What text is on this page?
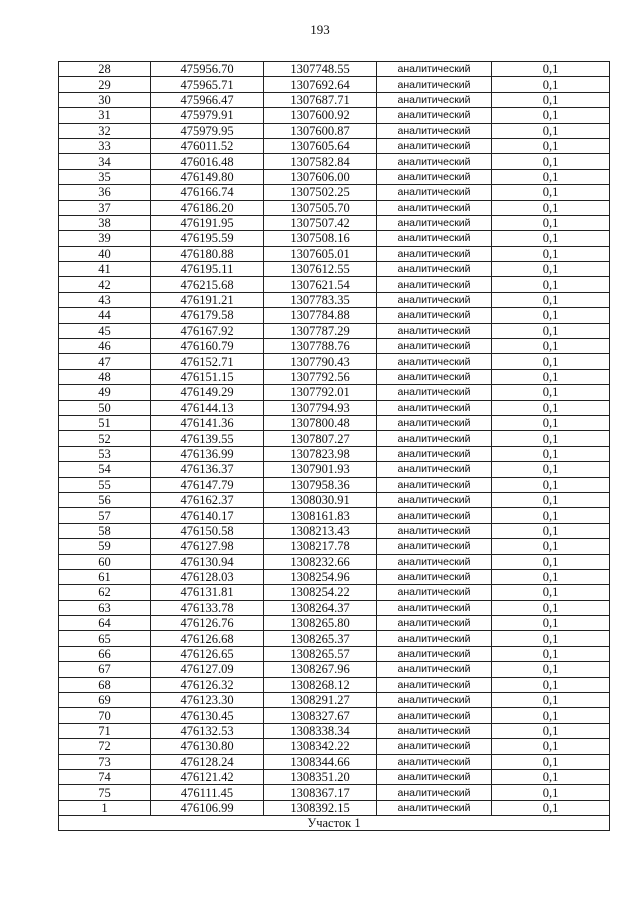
193
28	475956.70	1307748.55	аналитический	0,1
29	475965.71	1307692.64	аналитический	0,1
30	475966.47	1307687.71	аналитический	0,1
31	475979.91	1307600.92	аналитический	0,1
32	475979.95	1307600.87	аналитический	0,1
33	476011.52	1307605.64	аналитический	0,1
34	476016.48	1307582.84	аналитический	0,1
35	476149.80	1307606.00	аналитический	0,1
36	476166.74	1307502.25	аналитический	0,1
37	476186.20	1307505.70	аналитический	0,1
38	476191.95	1307507.42	аналитический	0,1
39	476195.59	1307508.16	аналитический	0,1
40	476180.88	1307605.01	аналитический	0,1
41	476195.11	1307612.55	аналитический	0,1
42	476215.68	1307621.54	аналитический	0,1
43	476191.21	1307783.35	аналитический	0,1
44	476179.58	1307784.88	аналитический	0,1
45	476167.92	1307787.29	аналитический	0,1
46	476160.79	1307788.76	аналитический	0,1
47	476152.71	1307790.43	аналитический	0,1
48	476151.15	1307792.56	аналитический	0,1
49	476149.29	1307792.01	аналитический	0,1
50	476144.13	1307794.93	аналитический	0,1
51	476141.36	1307800.48	аналитический	0,1
52	476139.55	1307807.27	аналитический	0,1
53	476136.99	1307823.98	аналитический	0,1
54	476136.37	1307901.93	аналитический	0,1
55	476147.79	1307958.36	аналитический	0,1
56	476162.37	1308030.91	аналитический	0,1
57	476140.17	1308161.83	аналитический	0,1
58	476150.58	1308213.43	аналитический	0,1
59	476127.98	1308217.78	аналитический	0,1
60	476130.94	1308232.66	аналитический	0,1
61	476128.03	1308254.96	аналитический	0,1
62	476131.81	1308254.22	аналитический	0,1
63	476133.78	1308264.37	аналитический	0,1
64	476126.76	1308265.80	аналитический	0,1
65	476126.68	1308265.37	аналитический	0,1
66	476126.65	1308265.57	аналитический	0,1
67	476127.09	1308267.96	аналитический	0,1
68	476126.32	1308268.12	аналитический	0,1
69	476123.30	1308291.27	аналитический	0,1
70	476130.45	1308327.67	аналитический	0,1
71	476132.53	1308338.34	аналитический	0,1
72	476130.80	1308342.22	аналитический	0,1
73	476128.24	1308344.66	аналитический	0,1
74	476121.42	1308351.20	аналитический	0,1
75	476111.45	1308367.17	аналитический	0,1
1	476106.99	1308392.15	аналитический	0,1
Участок 1				
